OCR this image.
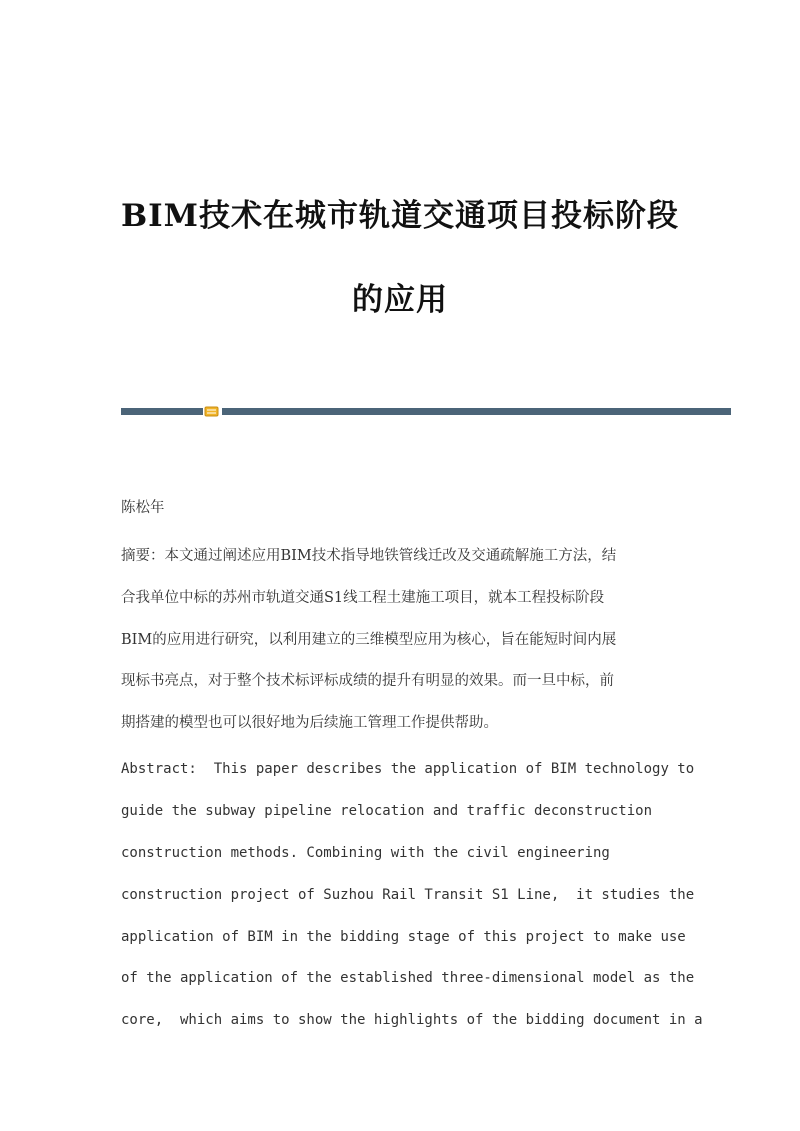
BIM技术在城市轨道交通项目投标阶段
的应用
陈松年
摘要：本文通过阐述应用BIM技术指导地铁管线迁改及交通疏解施工方法，结
合我单位中标的苏州市轨道交通S1线工程土建施工项目，就本工程投标阶段
BIM的应用进行研究，以利用建立的三维模型应用为核心，旨在能短时间内展
现标书亮点，对于整个技术标评标成绩的提升有明显的效果。而一旦中标，前
期搭建的模型也可以很好地为后续施工管理工作提供帮助。
Abstract:  This paper describes the application of BIM technology to
guide the subway pipeline relocation and traffic deconstruction
construction methods. Combining with the civil engineering
construction project of Suzhou Rail Transit S1 Line,  it studies the
application of BIM in the bidding stage of this project to make use
of the application of the established three-dimensional model as the
core,  which aims to show the highlights of the bidding document in a
